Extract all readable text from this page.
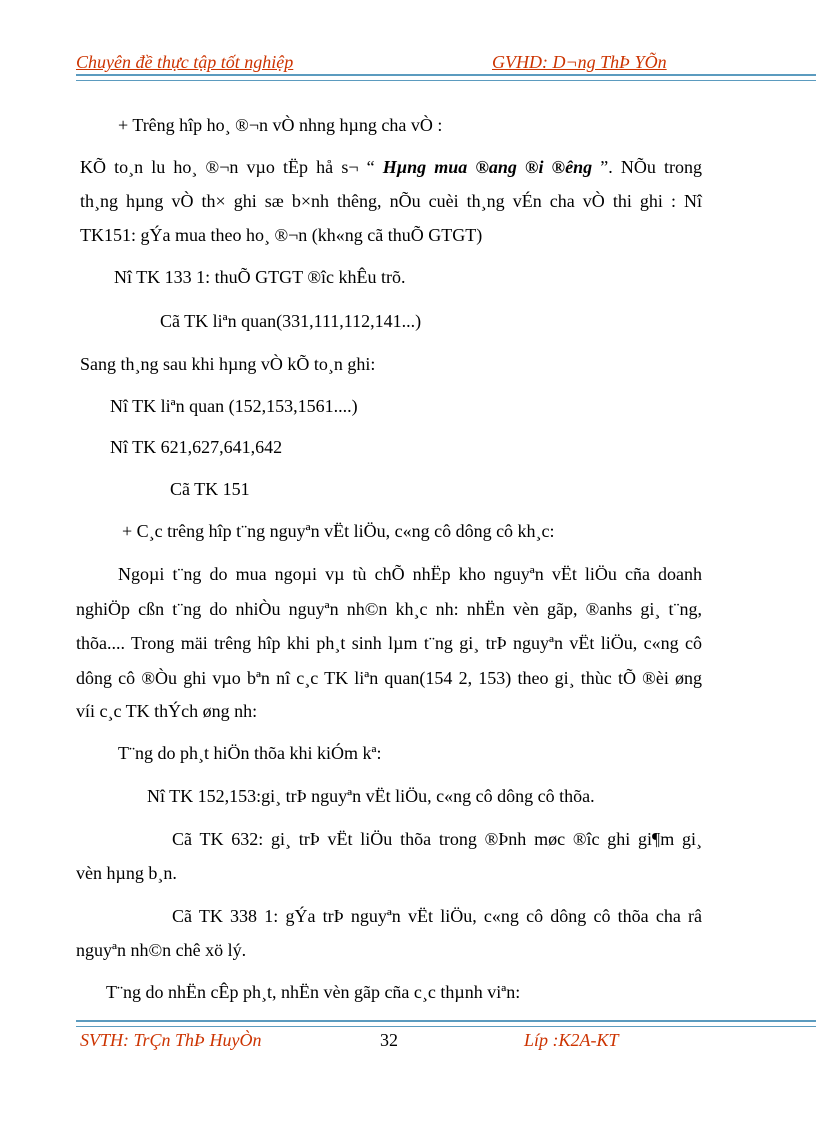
Chuyên đề thực tập tốt nghiệp	GVHD: D¬ng ThÞ YÕn
+ Trêng hîp ho¸ ®¬n vÒ nhng hµng cha vÒ :
KÕ to¸n lu ho¸ ®¬n vµo tËp hå s¬ “ Hµng mua ®ang ®i ®êng ”. NÕu trong
th¸ng hµng vÒ th× ghi sæ b×nh thêng, nÕu cuèi th¸ng vÉn cha vÒ thi ghi : Nî
TK151: gÝa mua theo ho¸ ®¬n (kh«ng cã thuÕ GTGT)
Nî TK 133 1: thuÕ GTGT ®îc khÊu trõ.
Cã TK liªn quan(331,111,112,141...)
Sang th¸ng sau khi hµng vÒ kÕ to¸n ghi:
Nî TK liªn quan (152,153,1561....)
Nî TK 621,627,641,642
Cã TK 151
+ C¸c trêng hîp t¨ng nguyªn vËt liÖu, c«ng cô dông cô kh¸c:
Ngoµi t¨ng do mua ngoµi vµ tù chÕ nhËp kho nguyªn vËt liÖu cña doanh
nghiÖp cßn t¨ng do nhiÒu nguyªn nh©n kh¸c nh: nhËn vèn gãp, ®anhs gi¸ t¨ng,
thõa.... Trong mäi trêng hîp khi ph¸t sinh lµm t¨ng gi¸ trÞ nguyªn vËt liÖu, c«ng cô
dông cô ®Òu ghi vµo bªn nî c¸c TK liªn quan(154 2, 153) theo gi¸ thùc tÕ ®èi øng
víi c¸c TK thÝch øng nh:
T¨ng do ph¸t hiÖn thõa khi kiÓm kª:
Nî TK 152,153:gi¸ trÞ nguyªn vËt liÖu, c«ng cô dông cô thõa.
Cã TK 632: gi¸ trÞ vËt liÖu thõa trong ®Þnh møc ®îc ghi gi¶m gi¸
vèn hµng b¸n.
Cã TK 338 1: gÝa trÞ nguyªn vËt liÖu, c«ng cô dông cô thõa cha râ
nguyªn nh©n chê xö lý.
T¨ng do nhËn cÊp ph¸t, nhËn vèn gãp cña c¸c thµnh viªn:
SVTH: TrÇn ThÞ HuyÒn	32	Líp :K2A-KT
